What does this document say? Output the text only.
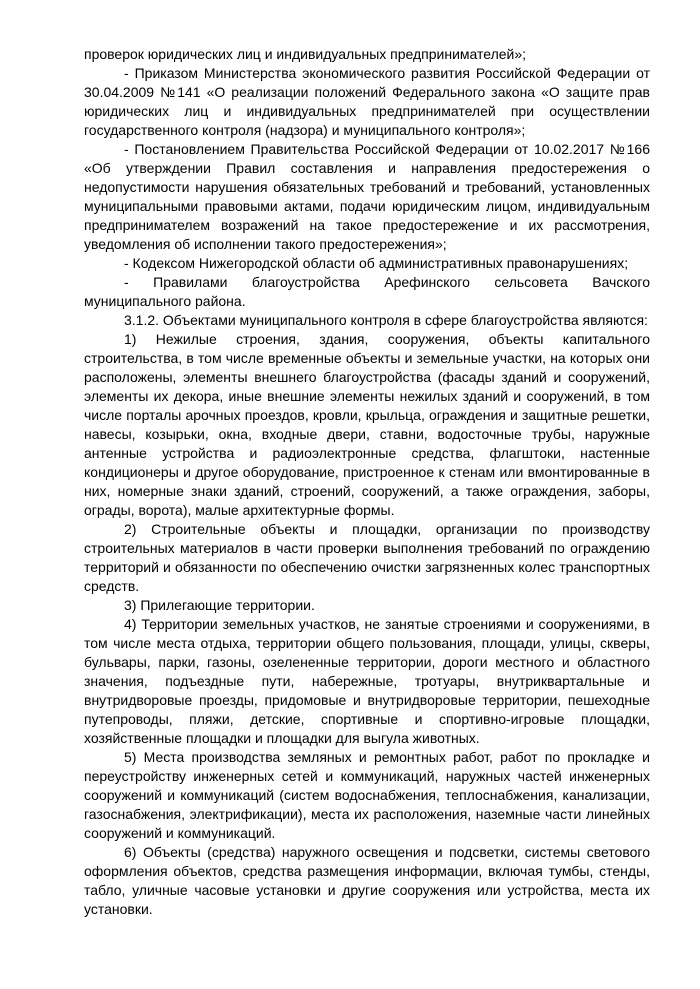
проверок юридических лиц и индивидуальных предпринимателей»;

- Приказом Министерства экономического развития Российской Федерации от 30.04.2009 №141 «О реализации положений Федерального закона «О защите прав юридических лиц и индивидуальных предпринимателей при осуществлении государственного контроля (надзора) и муниципального контроля»;

- Постановлением Правительства Российской Федерации от 10.02.2017 №166 «Об утверждении Правил составления и направления предостережения о недопустимости нарушения обязательных требований и требований, установленных муниципальными правовыми актами, подачи юридическим лицом, индивидуальным предпринимателем возражений на такое предостережение и их рассмотрения, уведомления об исполнении такого предостережения»;

- Кодексом Нижегородской области об административных правонарушениях;

- Правилами благоустройства Арефинского сельсовета Вачского муниципального района.

3.1.2. Объектами муниципального контроля в сфере благоустройства являются:

1) Нежилые строения, здания, сооружения, объекты капитального строительства, в том числе временные объекты и земельные участки, на которых они расположены, элементы внешнего благоустройства (фасады зданий и сооружений, элементы их декора, иные внешние элементы нежилых зданий и сооружений, в том числе порталы арочных проездов, кровли, крыльца, ограждения и защитные решетки, навесы, козырьки, окна, входные двери, ставни, водосточные трубы, наружные антенные устройства и радиоэлектронные средства, флагштоки, настенные кондиционеры и другое оборудование, пристроенное к стенам или вмонтированные в них, номерные знаки зданий, строений, сооружений, а также ограждения, заборы, ограды, ворота), малые архитектурные формы.

2) Строительные объекты и площадки, организации по производству строительных материалов в части проверки выполнения требований по ограждению территорий и обязанности по обеспечению очистки загрязненных колес транспортных средств.

3) Прилегающие территории.

4) Территории земельных участков, не занятые строениями и сооружениями, в том числе места отдыха, территории общего пользования, площади, улицы, скверы, бульвары, парки, газоны, озелененные территории, дороги местного и областного значения, подъездные пути, набережные, тротуары, внутриквартальные и внутридворовые проезды, придомовые и внутридворовые территории, пешеходные путепроводы, пляжи, детские, спортивные и спортивно-игровые площадки, хозяйственные площадки и площадки для выгула животных.

5) Места производства земляных и ремонтных работ, работ по прокладке и переустройству инженерных сетей и коммуникаций, наружных частей инженерных сооружений и коммуникаций (систем водоснабжения, теплоснабжения, канализации, газоснабжения, электрификации), места их расположения, наземные части линейных сооружений и коммуникаций.

6) Объекты (средства) наружного освещения и подсветки, системы светового оформления объектов, средства размещения информации, включая тумбы, стенды, табло, уличные часовые установки и другие сооружения или устройства, места их установки.
